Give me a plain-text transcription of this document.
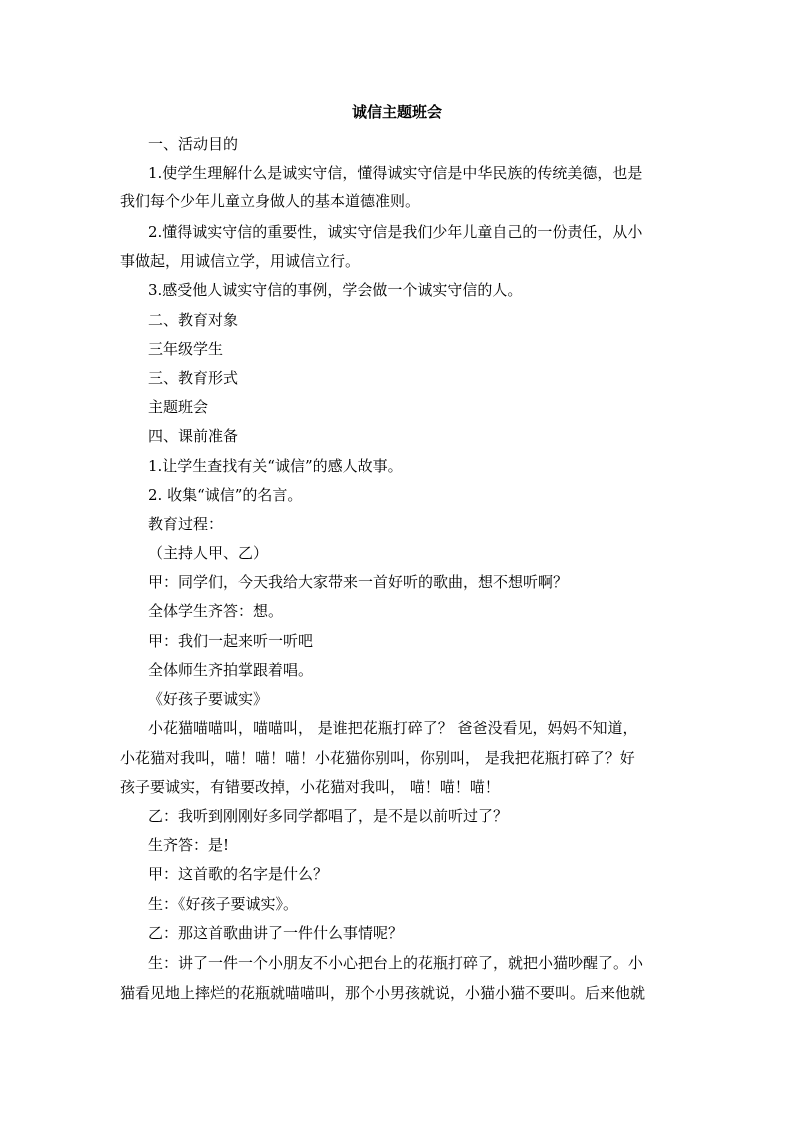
诚信主题班会
一、活动目的
1.使学生理解什么是诚实守信，懂得诚实守信是中华民族的传统美德，也是
我们每个少年儿童立身做人的基本道德准则。
2.懂得诚实守信的重要性，诚实守信是我们少年儿童自己的一份责任，从小
事做起，用诚信立学，用诚信立行。
3.感受他人诚实守信的事例，学会做一个诚实守信的人。
二、教育对象
三年级学生
三、教育形式
主题班会
四、课前准备
1.让学生查找有关“诚信”的感人故事。
2. 收集“诚信”的名言。
教育过程：
（主持人甲、乙）
甲：同学们，今天我给大家带来一首好听的歌曲，想不想听啊？
全体学生齐答：想。
甲：我们一起来听一听吧
全体师生齐拍掌跟着唱。
《好孩子要诚实》
小花猫喵喵叫，喵喵叫， 是谁把花瓶打碎了？ 爸爸没看见，妈妈不知道，
小花猫对我叫，喵！喵！喵！小花猫你别叫，你别叫， 是我把花瓶打碎了？好
孩子要诚实，有错要改掉，小花猫对我叫， 喵！喵！喵！
乙：我听到刚刚好多同学都唱了，是不是以前听过了？
生齐答：是!
甲：这首歌的名字是什么？
生：《好孩子要诚实》。
乙：那这首歌曲讲了一件什么事情呢？
生：讲了一件一个小朋友不小心把台上的花瓶打碎了，就把小猫吵醒了。小
猫看见地上摔烂的花瓶就喵喵叫，那个小男孩就说，小猫小猫不要叫。后来他就
